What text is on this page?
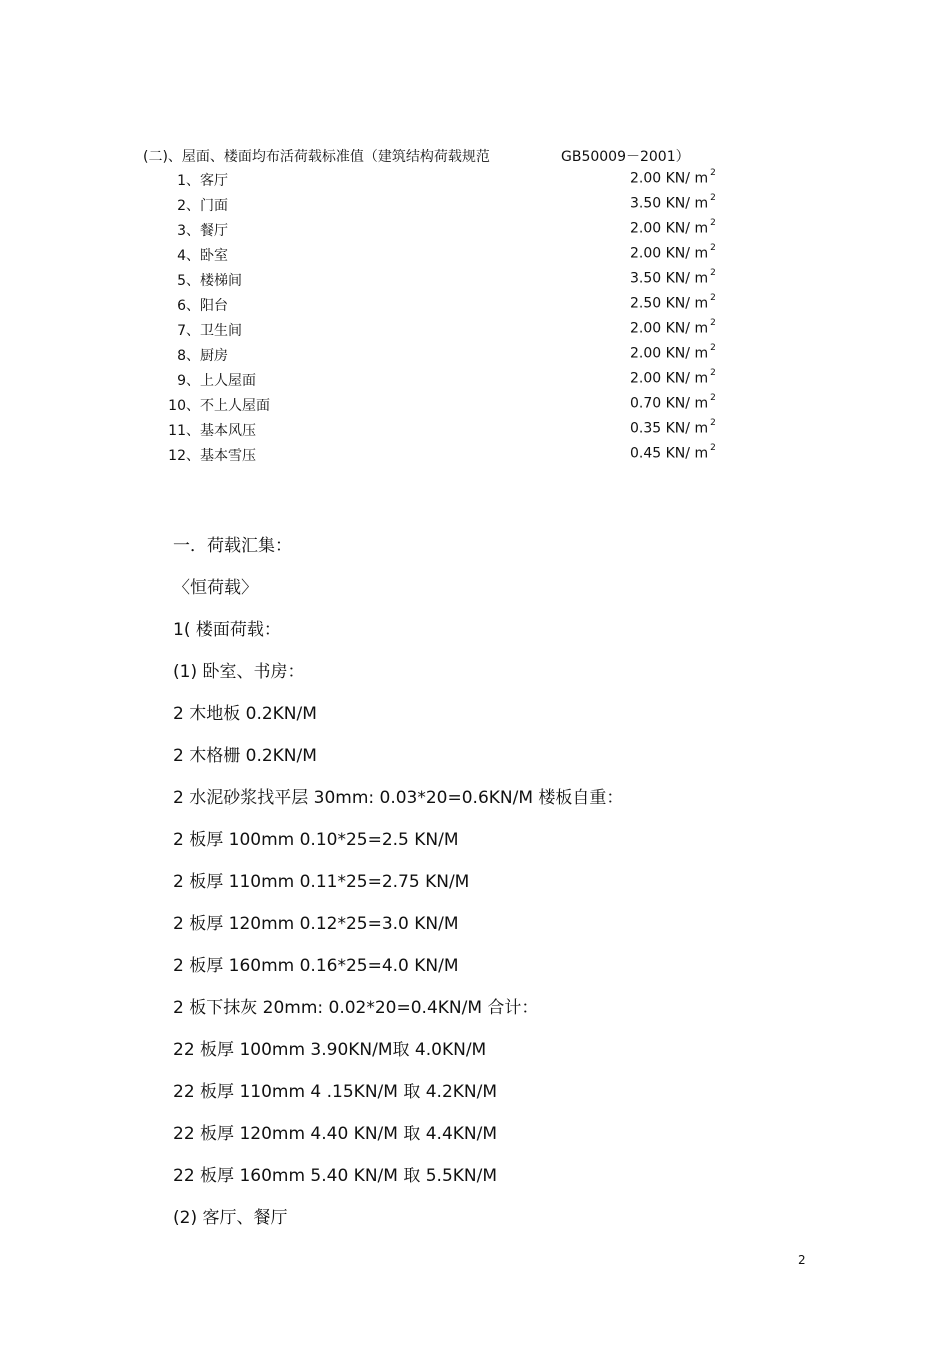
(二)、屋面、楼面均布活荷载标准值（建筑结构荷载规范	GB50009－2001）
1、 客厅	2.00 KN/ m $^2$
2、 门面	3.50 KN/ m $^2$
3、 餐厅	2.00 KN/ m $^2$
4、 卧室	2.00 KN/ m $^2$
5、 楼梯间	3.50 KN/ m $^2$
6、 阳台	2.50 KN/ m $^2$
7、 卫生间	2.00 KN/ m $^2$
8、 厨房	2.00 KN/ m $^2$
9、 上人屋面	2.00 KN/ m $^2$
10、 不上人屋面	0.70 KN/ m $^2$
11、 基本风压	0.35 KN/ m $^2$
12、 基本雪压	0.45 KN/ m $^2$
一．荷载汇集：
〈恒荷载〉
1( 楼面荷载：
(1) 卧室、书房：
2 木地板 0.2KN/M
2 木格栅 0.2KN/M
2 水泥砂浆找平层 30mm: 0.03*20=0.6KN/M 楼板自重：
2 板厚 100mm 0.10*25=2.5 KN/M
2 板厚 110mm 0.11*25=2.75 KN/M
2 板厚 120mm 0.12*25=3.0 KN/M
2 板厚 160mm 0.16*25=4.0 KN/M
2 板下抹灰 20mm: 0.02*20=0.4KN/M 合计：
22 板厚 100mm 3.90KN/M取 4.0KN/M
22 板厚 110mm 4 .15KN/M 取 4.2KN/M
22 板厚 120mm 4.40 KN/M 取 4.4KN/M
22 板厚 160mm 5.40 KN/M 取 5.5KN/M
(2) 客厅、餐厅
2
